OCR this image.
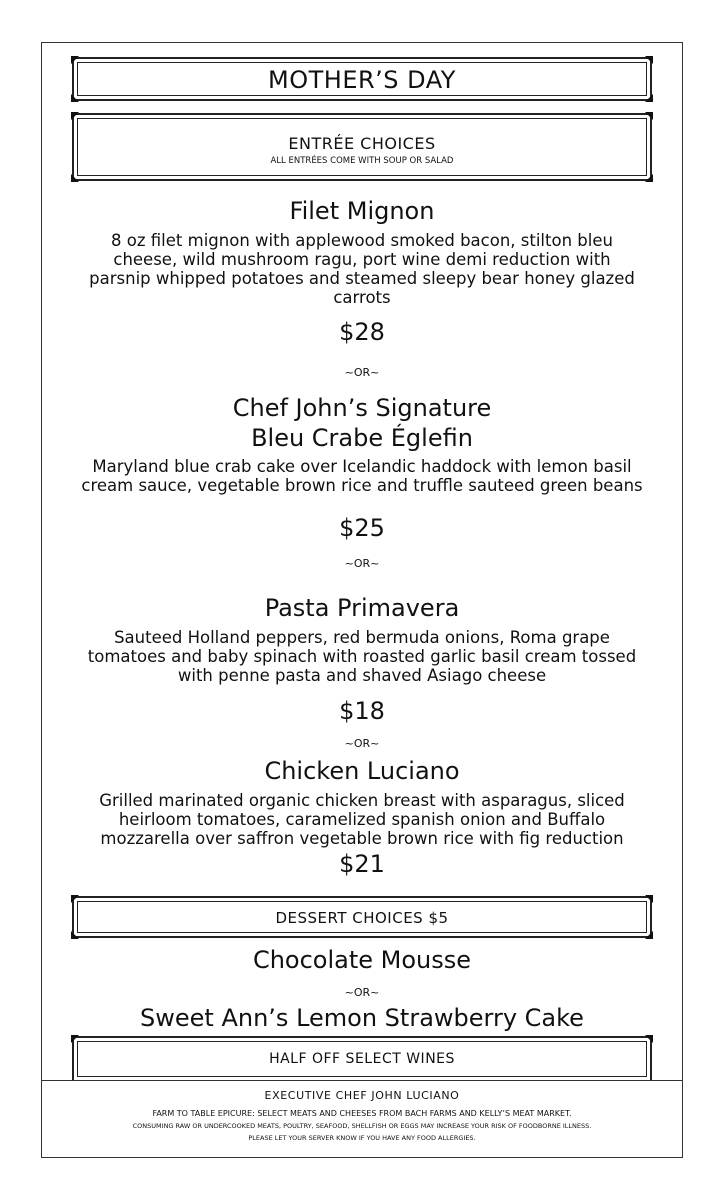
MOTHER’S DAY
ENTRÉE CHOICES
ALL ENTRÉES COME WITH SOUP OR SALAD
Filet Mignon
8 oz filet mignon with applewood smoked bacon, stilton bleu cheese, wild mushroom ragu, port wine demi reduction with parsnip whipped potatoes and steamed sleepy bear honey glazed carrots
$28
~OR~
Chef John’s Signature
Bleu Crabe Églefin
Maryland blue crab cake over Icelandic haddock with lemon basil cream sauce, vegetable brown rice and truffle sauteed green beans
$25
~OR~
Pasta Primavera
Sauteed Holland peppers, red bermuda onions, Roma grape tomatoes and baby spinach with roasted garlic basil cream tossed with penne pasta and shaved Asiago cheese
$18
~OR~
Chicken Luciano
Grilled marinated organic chicken breast with asparagus, sliced heirloom tomatoes, caramelized spanish onion and Buffalo mozzarella over saffron vegetable brown rice with fig reduction
$21
DESSERT CHOICES $5
Chocolate Mousse
~OR~
Sweet Ann’s Lemon Strawberry Cake
HALF OFF SELECT WINES
EXECUTIVE CHEF JOHN LUCIANO
FARM TO TABLE EPICURE: SELECT MEATS AND CHEESES FROM BACH FARMS AND KELLY’S MEAT MARKET.
CONSUMING RAW OR UNDERCOOKED MEATS, POULTRY, SEAFOOD, SHELLFISH OR EGGS MAY INCREASE YOUR RISK OF FOODBORNE ILLNESS.
PLEASE LET YOUR SERVER KNOW IF YOU HAVE ANY FOOD ALLERGIES.
